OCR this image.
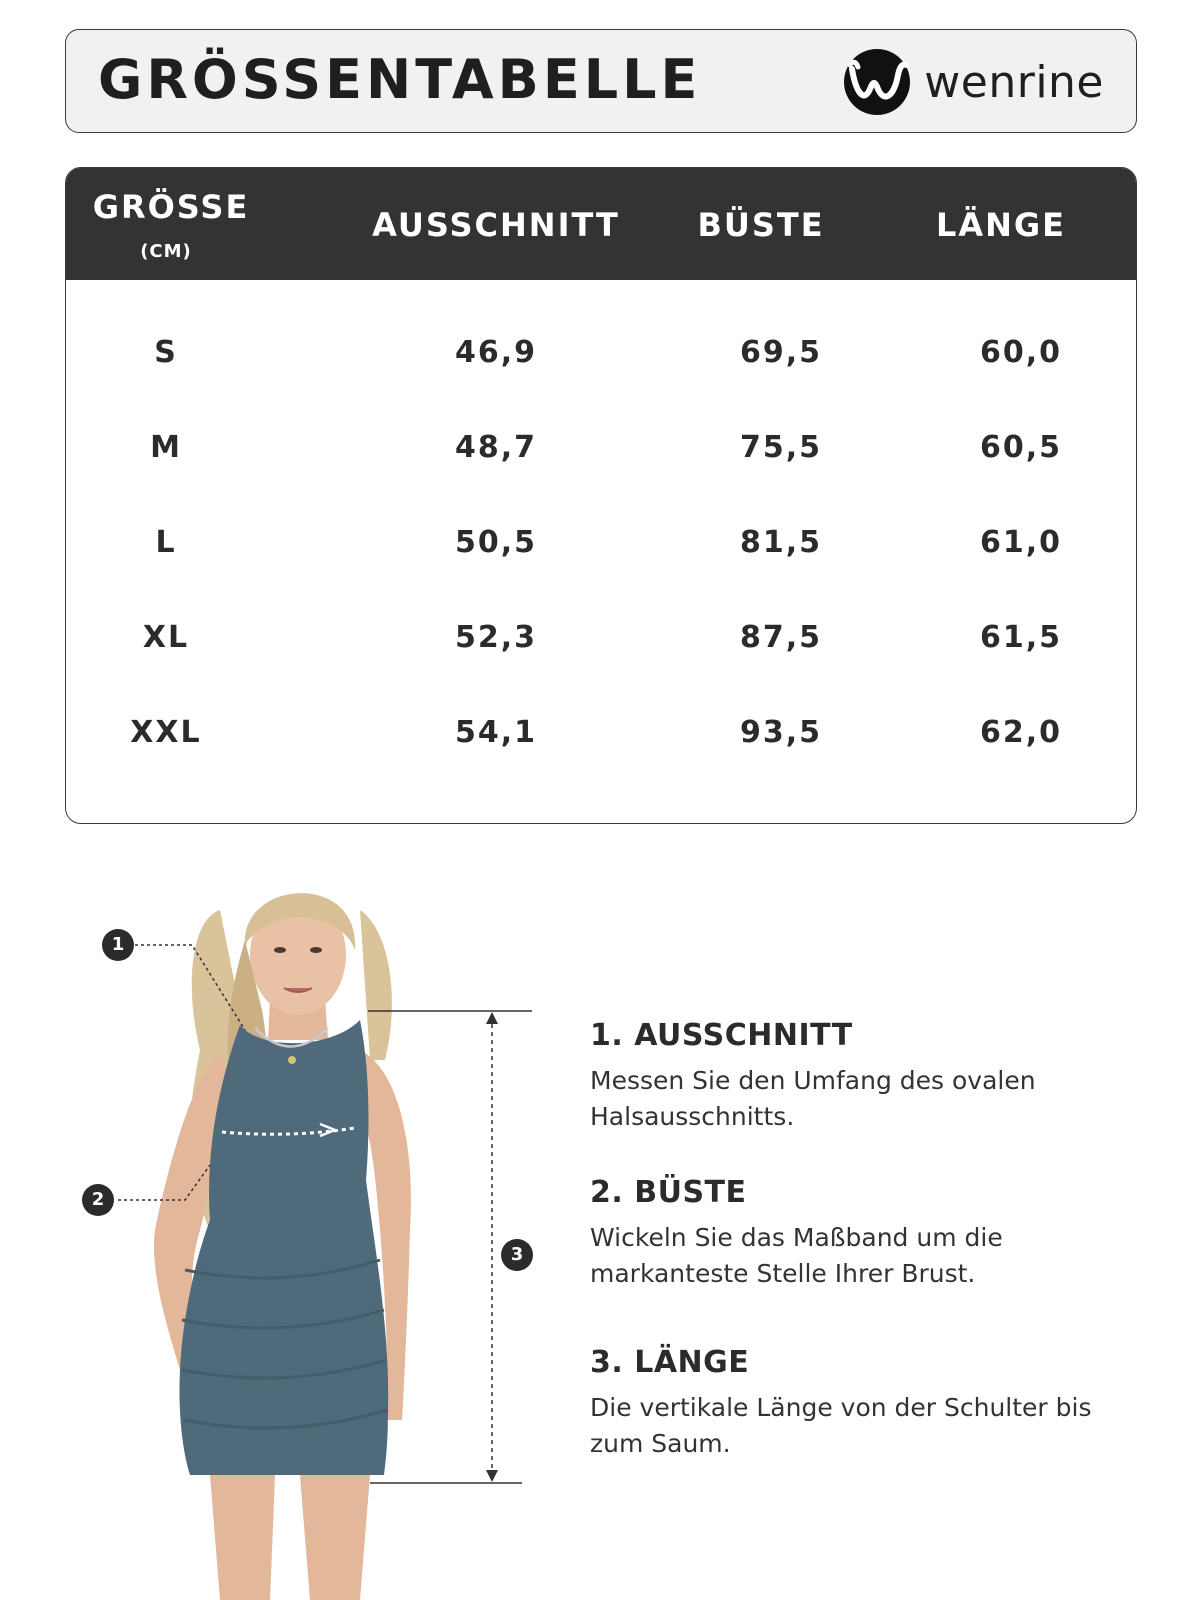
GRÖSSENTABELLE	wenrine
GRÖSSE
(CM)
AUSSCHNITT	BÜSTE	LÄNGE
S	46,9	69,5	60,0
M	48,7	75,5	60,5
L	50,5	81,5	61,0
XL	52,3	87,5	61,5
XXL	54,1	93,5	62,0
1
2
3
1. AUSSCHNITT
Messen Sie den Umfang des ovalen Halsausschnitts.
2. BÜSTE
Wickeln Sie das Maßband um die markanteste Stelle Ihrer Brust.
3. LÄNGE
Die vertikale Länge von der Schulter bis zum Saum.
